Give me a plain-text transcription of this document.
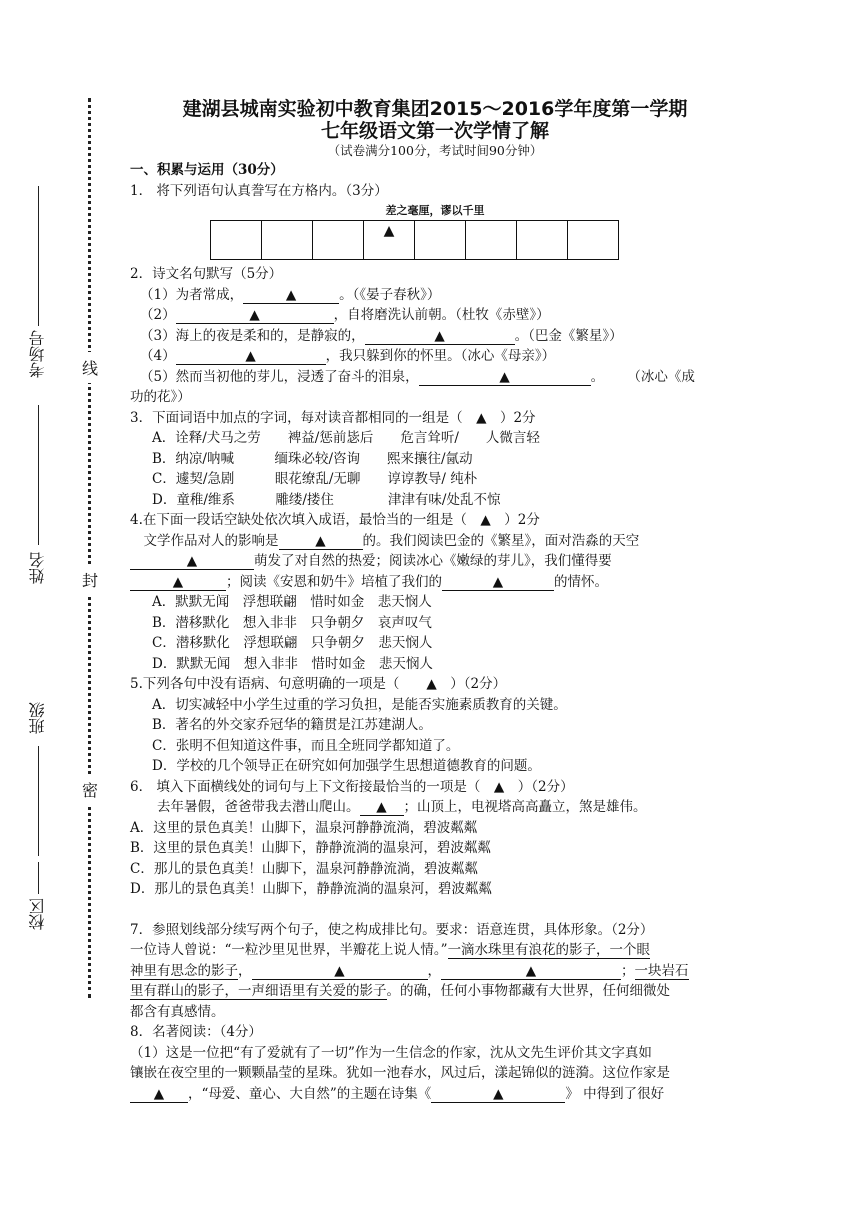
考场号
姓名
班级
校区
线
封
密
建湖县城南实验初中教育集团2015～2016学年度第一学期
七年级语文第一次学情了解
（试卷满分100分，考试时间90分钟）
一、积累与运用（30分）
1． 将下列语句认真誊写在方格内。（3分）
差之毫厘，谬以千里
			▲				
2．诗文名句默写（5分）
（1）为者常成，	▲	。（《晏子春秋》）
（2）	▲	，自将磨洗认前朝。（杜牧《赤壁》）
（3）海上的夜是柔和的，是静寂的，	▲	。（巴金《繁星》）
（4）	▲	，我只躲到你的怀里。（冰心《母亲》）
（5）然而当初他的芽儿，浸透了奋斗的泪泉，	▲	。 （冰心《成
功的花》）
3．下面词语中加点的字词，每对读音都相同的一组是（　▲　）2分
A．诠释/犬马之劳　　裨益/惩前毖后　　危言耸听/　　人微言轻
B．纳凉/呐喊　　　缅珠必较/咨询　　熙来攘往/氤动
C．遽契/急剧　　　眼花缭乱/无聊　　谆谆教导/ 纯朴
D．童稚/维系　　　雕缕/搂住　　　　津津有味/处乱不惊
4.在下面一段话空缺处依次填入成语，最恰当的一组是（　▲　）2分
　文学作品对人的影响是	▲	的。我们阅读巴金的《繁星》，面对浩淼的天空
▲	萌发了对自然的热爱；阅读冰心《嫩绿的芽儿》，我们懂得要
▲	；阅读《安恩和奶牛》培植了我们的	▲	的情怀。
A．默默无闻　浮想联翩　惜时如金　悲天悯人
B．潜移默化　想入非非　只争朝夕　哀声叹气
C．潜移默化　浮想联翩　只争朝夕　悲天悯人
D．默默无闻　想入非非　惜时如金　悲天悯人
5.下列各句中没有语病、句意明确的一项是（　　▲　）（2分）
A．切实减轻中小学生过重的学习负担，是能否实施素质教育的关键。
B．著名的外交家乔冠华的籍贯是江苏建湖人。
C．张明不但知道这件事，而且全班同学都知道了。
D．学校的几个领导正在研究如何加强学生思想道德教育的问题。
6． 填入下面横线处的词句与上下文衔接最恰当的一项是（　▲　）（2分）
　　去年暑假，爸爸带我去潜山爬山。 ▲ ；山顶上，电视塔高高矗立，煞是雄伟。
A．这里的景色真美！山脚下，温泉河静静流淌，碧波粼粼
B．这里的景色真美！山脚下，静静流淌的温泉河，碧波粼粼
C．那儿的景色真美！山脚下，温泉河静静流淌，碧波粼粼
D．那儿的景色真美！山脚下，静静流淌的温泉河，碧波粼粼
7．参照划线部分续写两个句子，使之构成排比句。要求：语意连贯，具体形象。（2分）
一位诗人曾说：“一粒沙里见世界，半瓣花上说人情。”一滴水珠里有浪花的影子，一个眼
神里有思念的影子，	▲	，	▲	；一块岩石
里有群山的影子，一声细语里有关爱的影子。的确，任何小事物都藏有大世界，任何细微处
都含有真感情。
8．名著阅读：（4分）
（1）这是一位把“有了爱就有了一切”作为一生信念的作家，沈从文先生评价其文字真如
镶嵌在夜空里的一颗颗晶莹的星珠。犹如一池春水，风过后，漾起锦似的涟漪。这位作家是
▲ ，“母爱、童心、大自然”的主题在诗集《	▲	》 中得到了很好
